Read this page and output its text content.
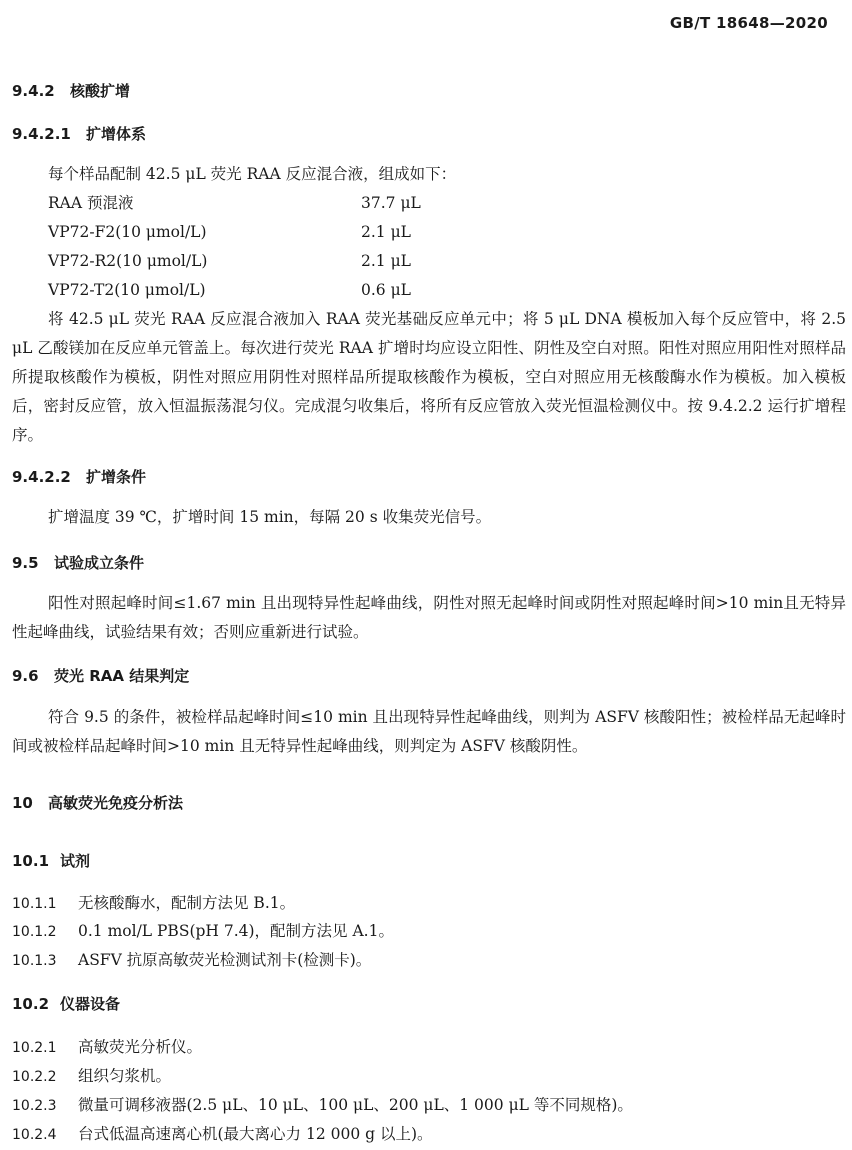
GB/T 18648—2020
9.4.2 核酸扩增
9.4.2.1 扩增体系
每个样品配制 42.5 μL 荧光 RAA 反应混合液，组成如下：
RAA 预混液	37.7 μL
VP72-F2(10 μmol/L)	2.1 μL
VP72-R2(10 μmol/L)	2.1 μL
VP72-T2(10 μmol/L)	0.6 μL
将 42.5 μL 荧光 RAA 反应混合液加入 RAA 荧光基础反应单元中；将 5 μL DNA 模板加入每个反应管中，将 2.5 μL 乙酸镁加在反应单元管盖上。每次进行荧光 RAA 扩增时均应设立阳性、阴性及空白对照。阳性对照应用阳性对照样品所提取核酸作为模板，阴性对照应用阴性对照样品所提取核酸作为模板，空白对照应用无核酸酶水作为模板。加入模板后，密封反应管，放入恒温振荡混匀仪。完成混匀收集后，将所有反应管放入荧光恒温检测仪中。按 9.4.2.2 运行扩增程序。
9.4.2.2 扩增条件
扩增温度 39 ℃，扩增时间 15 min，每隔 20 s 收集荧光信号。
9.5 试验成立条件
阳性对照起峰时间≤1.67 min 且出现特异性起峰曲线，阴性对照无起峰时间或阴性对照起峰时间>10 min且无特异性起峰曲线，试验结果有效；否则应重新进行试验。
9.6 荧光 RAA 结果判定
符合 9.5 的条件，被检样品起峰时间≤10 min 且出现特异性起峰曲线，则判为 ASFV 核酸阳性；被检样品无起峰时间或被检样品起峰时间>10 min 且无特异性起峰曲线，则判定为 ASFV 核酸阴性。
10 高敏荧光免疫分析法
10.1 试剂
10.1.1 无核酸酶水，配制方法见 B.1。
10.1.2 0.1 mol/L PBS(pH 7.4)，配制方法见 A.1。
10.1.3 ASFV 抗原高敏荧光检测试剂卡(检测卡)。
10.2 仪器设备
10.2.1 高敏荧光分析仪。
10.2.2 组织匀浆机。
10.2.3 微量可调移液器(2.5 μL、10 μL、100 μL、200 μL、1 000 μL 等不同规格)。
10.2.4 台式低温高速离心机(最大离心力 12 000 g 以上)。
